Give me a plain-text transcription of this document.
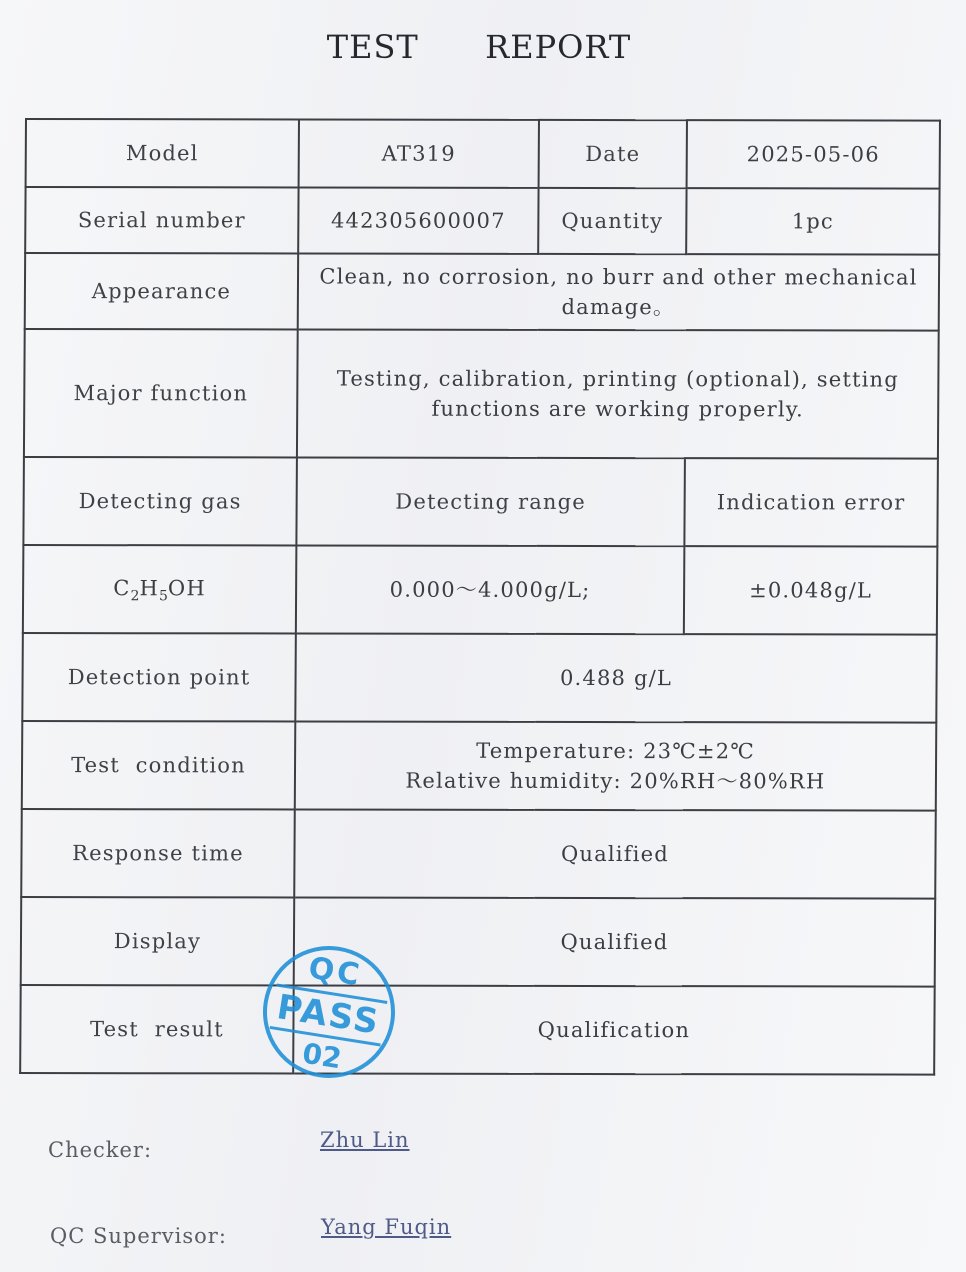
TEST  REPORT
Model	AT319	Date	2025-05-06
Serial number	442305600007	Quantity	1pc
Appearance	Clean, no corrosion, no burr and other mechanical damage。		
Major function	Testing, calibration, printing (optional), setting functions are working properly.		
Detecting gas	Detecting range		Indication error
$C_2H_5OH$	0.000～4.000g/L;		±0.048g/L
Detection point	0.488 g/L		
Test  condition	Temperature: 23℃±2℃
Relative humidity: 20%RH～80%RH		

Response time	Qualified		
Display	Qualified		
Test  result	Qualification		
QC
PASS
02
Checker:	Zhu Lin
QC Supervisor:	Yang Fuqin
